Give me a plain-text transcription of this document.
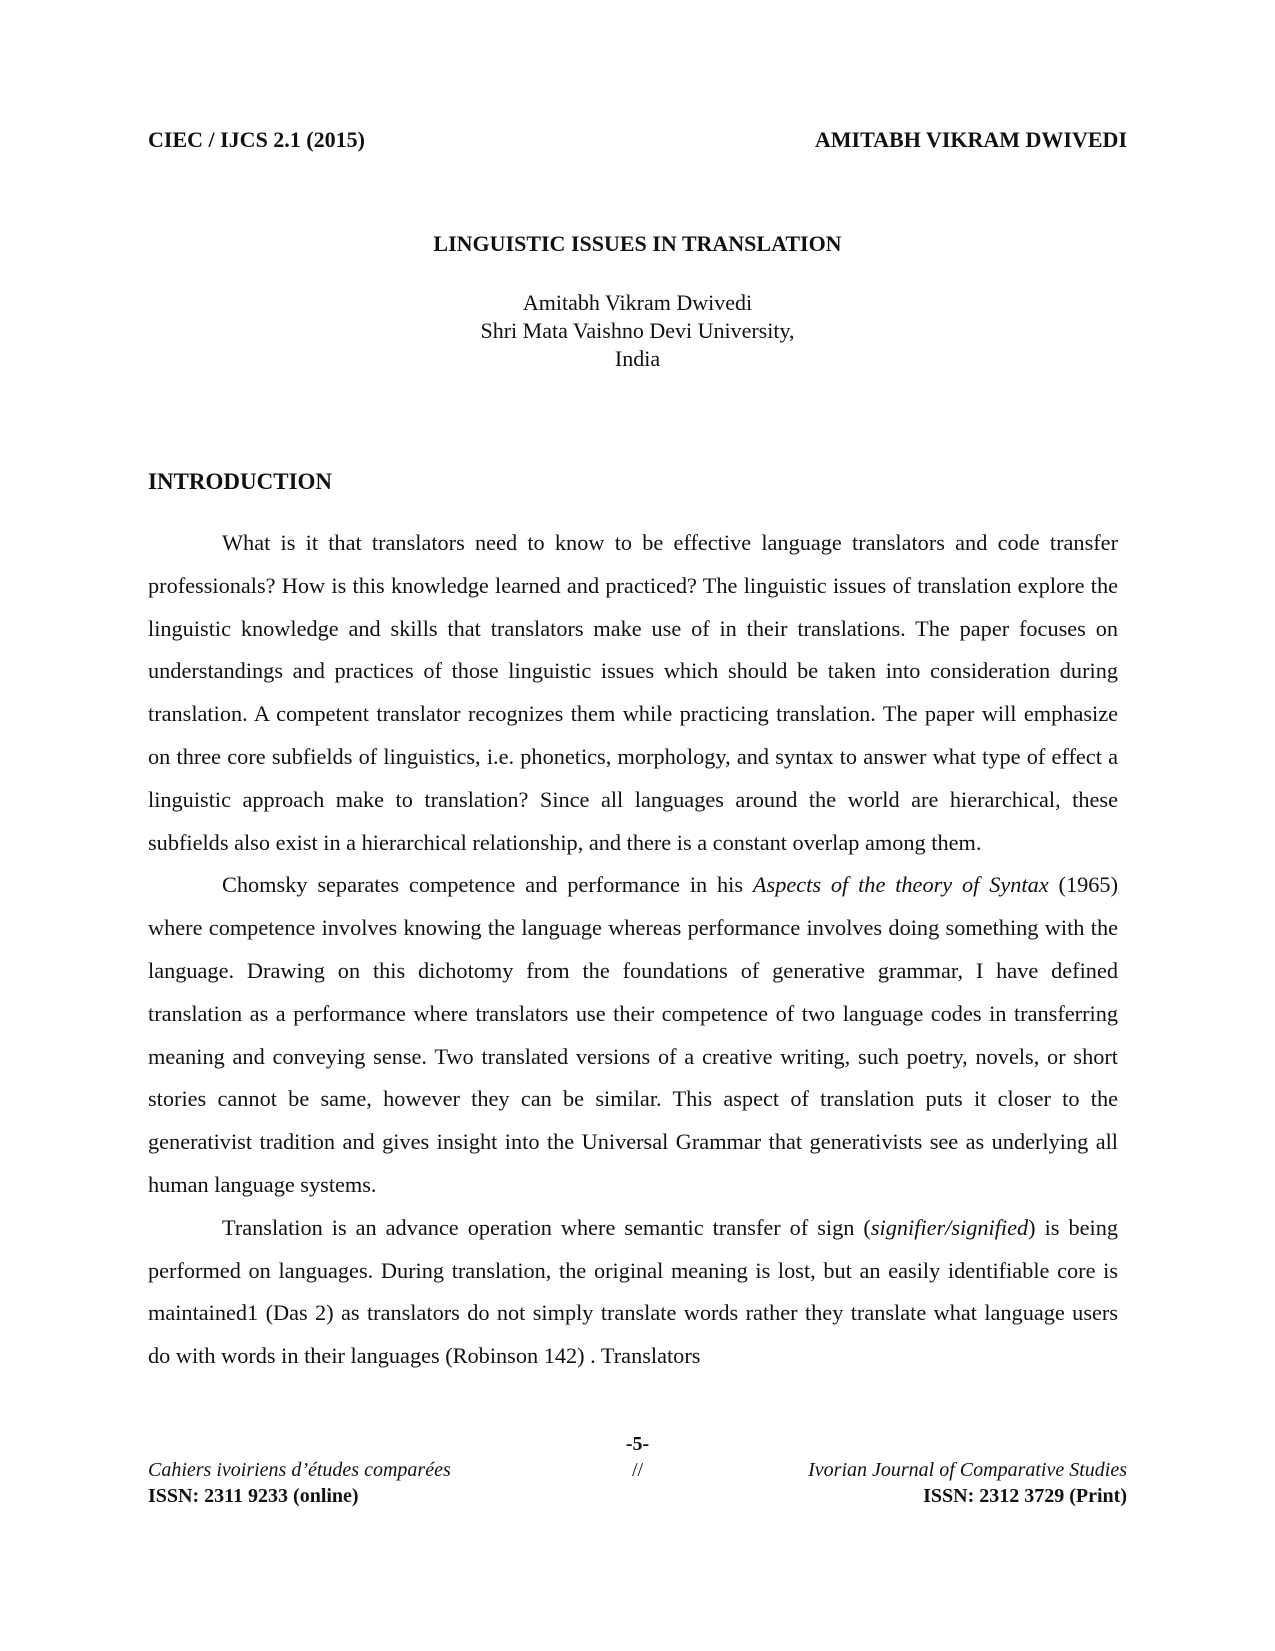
CIEC / IJCS 2.1 (2015)	AMITABH VIKRAM DWIVEDI
LINGUISTIC ISSUES IN TRANSLATION
Amitabh Vikram Dwivedi
Shri Mata Vaishno Devi University,
India
INTRODUCTION

What is it that translators need to know to be effective language translators and code transfer professionals? How is this knowledge learned and practiced? The linguistic issues of translation explore the linguistic knowledge and skills that translators make use of in their translations. The paper focuses on understandings and practices of those linguistic issues which should be taken into consideration during translation. A competent translator recognizes them while practicing translation. The paper will emphasize on three core subfields of linguistics, i.e. phonetics, morphology, and syntax to answer what type of effect a linguistic approach make to translation? Since all languages around the world are hierarchical, these subfields also exist in a hierarchical relationship, and there is a constant overlap among them.

Chomsky separates competence and performance in his Aspects of the theory of Syntax (1965) where competence involves knowing the language whereas performance involves doing something with the language. Drawing on this dichotomy from the foundations of generative grammar, I have defined translation as a performance where translators use their competence of two language codes in transferring meaning and conveying sense. Two translated versions of a creative writing, such poetry, novels, or short stories cannot be same, however they can be similar. This aspect of translation puts it closer to the generativist tradition and gives insight into the Universal Grammar that generativists see as underlying all human language systems.

Translation is an advance operation where semantic transfer of sign (signifier/signified) is being performed on languages. During translation, the original meaning is lost, but an easily identifiable core is maintained1 (Das 2) as translators do not simply translate words rather they translate what language users do with words in their languages (Robinson 142) . Translators

-5-
Cahiers ivoiriens d’études comparées	//	Ivorian Journal of Comparative Studies
ISSN: 2311 9233 (online)	ISSN: 2312 3729 (Print)
